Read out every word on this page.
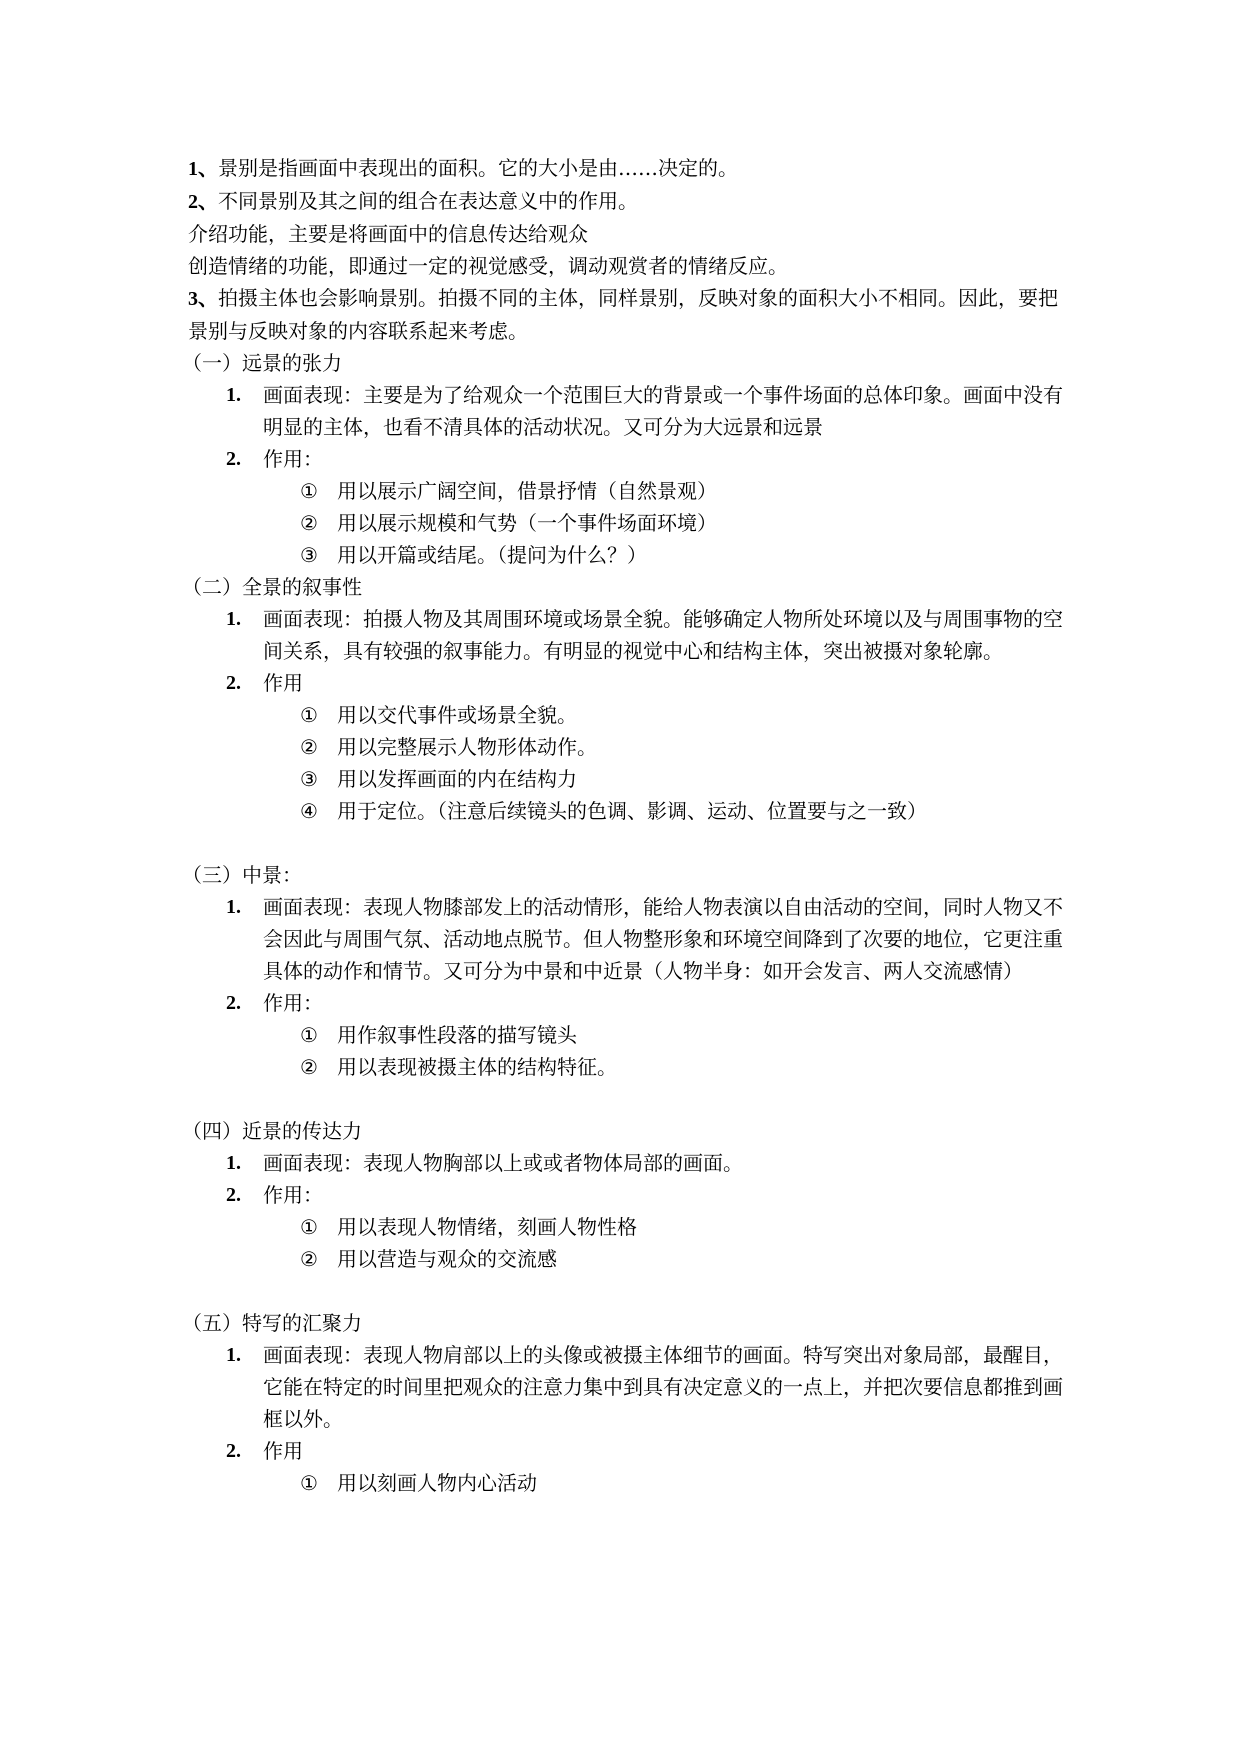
1、景别是指画面中表现出的面积。它的大小是由……决定的。

2、不同景别及其之间的组合在表达意义中的作用。

介绍功能，主要是将画面中的信息传达给观众

创造情绪的功能，即通过一定的视觉感受，调动观赏者的情绪反应。

3、拍摄主体也会影响景别。拍摄不同的主体，同样景别，反映对象的面积大小不相同。因此，要把景别与反映对象的内容联系起来考虑。

（一）远景的张力

1.	画面表现：主要是为了给观众一个范围巨大的背景或一个事件场面的总体印象。画面中没有明显的主体，也看不清具体的活动状况。又可分为大远景和远景
2.	作用：
① 用以展示广阔空间，借景抒情（自然景观）
② 用以展示规模和气势（一个事件场面环境）
③ 用以开篇或结尾。（提问为什么？）

（二）全景的叙事性

1.	画面表现：拍摄人物及其周围环境或场景全貌。能够确定人物所处环境以及与周围事物的空间关系，具有较强的叙事能力。有明显的视觉中心和结构主体，突出被摄对象轮廓。
2.	作用
① 用以交代事件或场景全貌。
② 用以完整展示人物形体动作。
③ 用以发挥画面的内在结构力
④ 用于定位。（注意后续镜头的色调、影调、运动、位置要与之一致）

（三）中景：

1.	画面表现：表现人物膝部发上的活动情形，能给人物表演以自由活动的空间，同时人物又不会因此与周围气氛、活动地点脱节。但人物整形象和环境空间降到了次要的地位，它更注重具体的动作和情节。又可分为中景和中近景（人物半身：如开会发言、两人交流感情）
2.	作用：
① 用作叙事性段落的描写镜头
② 用以表现被摄主体的结构特征。

（四）近景的传达力

1.	画面表现：表现人物胸部以上或或者物体局部的画面。
2.	作用：
① 用以表现人物情绪，刻画人物性格
② 用以营造与观众的交流感

（五）特写的汇聚力

1.	画面表现：表现人物肩部以上的头像或被摄主体细节的画面。特写突出对象局部，最醒目，它能在特定的时间里把观众的注意力集中到具有决定意义的一点上，并把次要信息都推到画框以外。
2.	作用
① 用以刻画人物内心活动
